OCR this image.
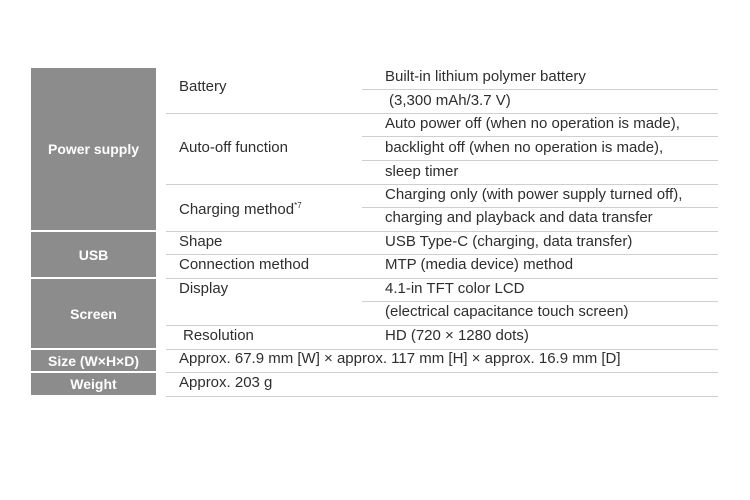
Power supply
USB
Screen
Size (W×H×D)
Weight
Battery
Auto-off function
Charging method$^{*7}$
Shape
Connection method
Display
Resolution
Built-in lithium polymer battery
(3,300 mAh/3.7 V)
Auto power off (when no operation is made),
backlight off (when no operation is made),
sleep timer
Charging only (with power supply turned off),
charging and playback and data transfer
USB Type-C (charging, data transfer)
MTP (media device) method
4.1-in TFT color LCD
(electrical capacitance touch screen)
HD (720 × 1280 dots)
Approx. 67.9 mm [W] × approx. 117 mm [H] × approx. 16.9 mm [D]
Approx. 203 g
